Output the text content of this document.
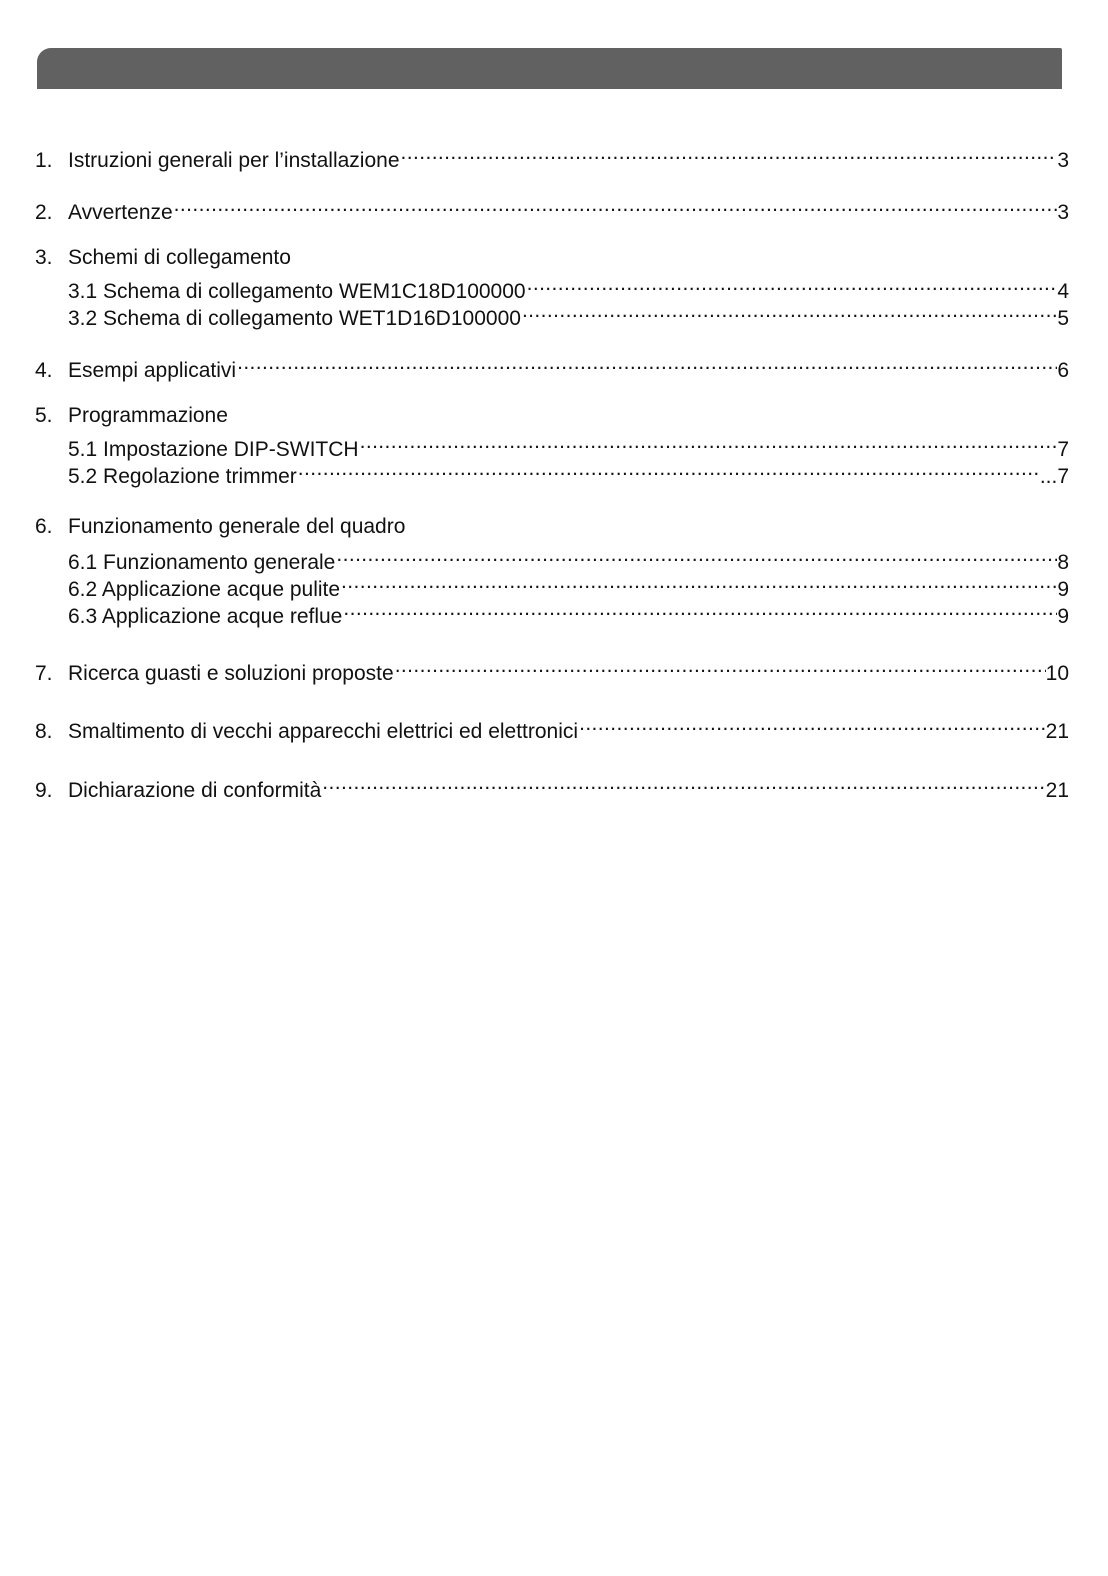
1. Istruzioni generali per l’installazione .....	3
2. Avvertenze .....	3
3. Schemi di collegamento
3.1 Schema di collegamento WEM1C18D100000 .....	4
3.2 Schema di collegamento WET1D16D100000 .....	5
4. Esempi applicativi .....	6
5. Programmazione
5.1 Impostazione DIP-SWITCH .....	7
5.2 Regolazione trimmer .....	...7
6. Funzionamento generale del quadro
6.1 Funzionamento generale .....	8
6.2 Applicazione acque pulite .....	9
6.3 Applicazione acque reflue .....	9
7. Ricerca guasti e soluzioni proposte .....	10
8. Smaltimento di vecchi apparecchi elettrici ed elettronici .....	21
9. Dichiarazione di conformità .....	21
